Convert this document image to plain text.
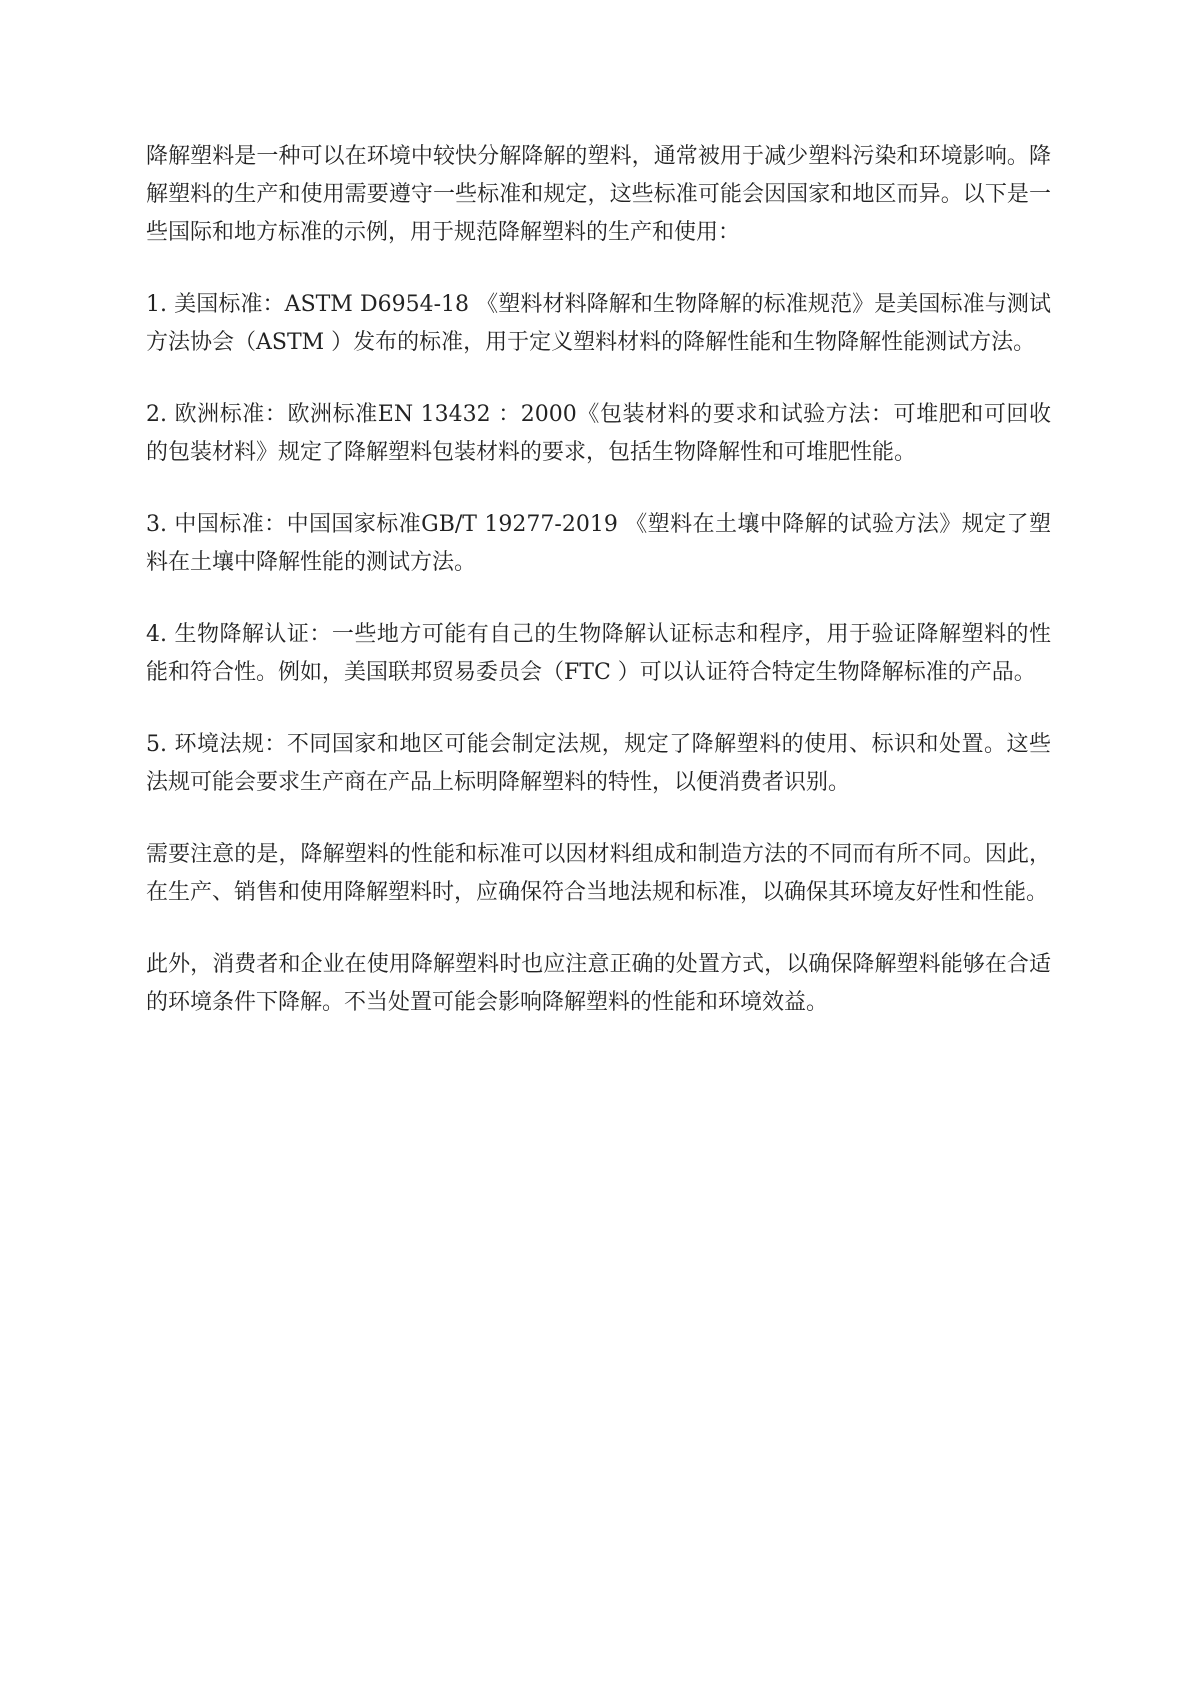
降解塑料是一种可以在环境中较快分解降解的塑料，通常被用于减少塑料污染和环境影响。降解塑料的生产和使用需要遵守一些标准和规定，这些标准可能会因国家和地区而异。以下是一些国际和地方标准的示例，用于规范降解塑料的生产和使用：

1. 美国标准：ASTM D6954-18 《塑料材料降解和生物降解的标准规范》是美国标准与测试方法协会（ASTM ）发布的标准，用于定义塑料材料的降解性能和生物降解性能测试方法。

2. 欧洲标准：欧洲标准EN 13432 ：2000《包装材料的要求和试验方法：可堆肥和可回收的包装材料》规定了降解塑料包装材料的要求，包括生物降解性和可堆肥性能。

3. 中国标准：中国国家标准GB/T 19277-2019 《塑料在土壤中降解的试验方法》规定了塑料在土壤中降解性能的测试方法。

4. 生物降解认证：一些地方可能有自己的生物降解认证标志和程序，用于验证降解塑料的性能和符合性。例如，美国联邦贸易委员会（FTC ）可以认证符合特定生物降解标准的产品。

5. 环境法规：不同国家和地区可能会制定法规，规定了降解塑料的使用、标识和处置。这些法规可能会要求生产商在产品上标明降解塑料的特性，以便消费者识别。

需要注意的是，降解塑料的性能和标准可以因材料组成和制造方法的不同而有所不同。因此，在生产、销售和使用降解塑料时，应确保符合当地法规和标准，以确保其环境友好性和性能。

此外，消费者和企业在使用降解塑料时也应注意正确的处置方式，以确保降解塑料能够在合适的环境条件下降解。不当处置可能会影响降解塑料的性能和环境效益。
